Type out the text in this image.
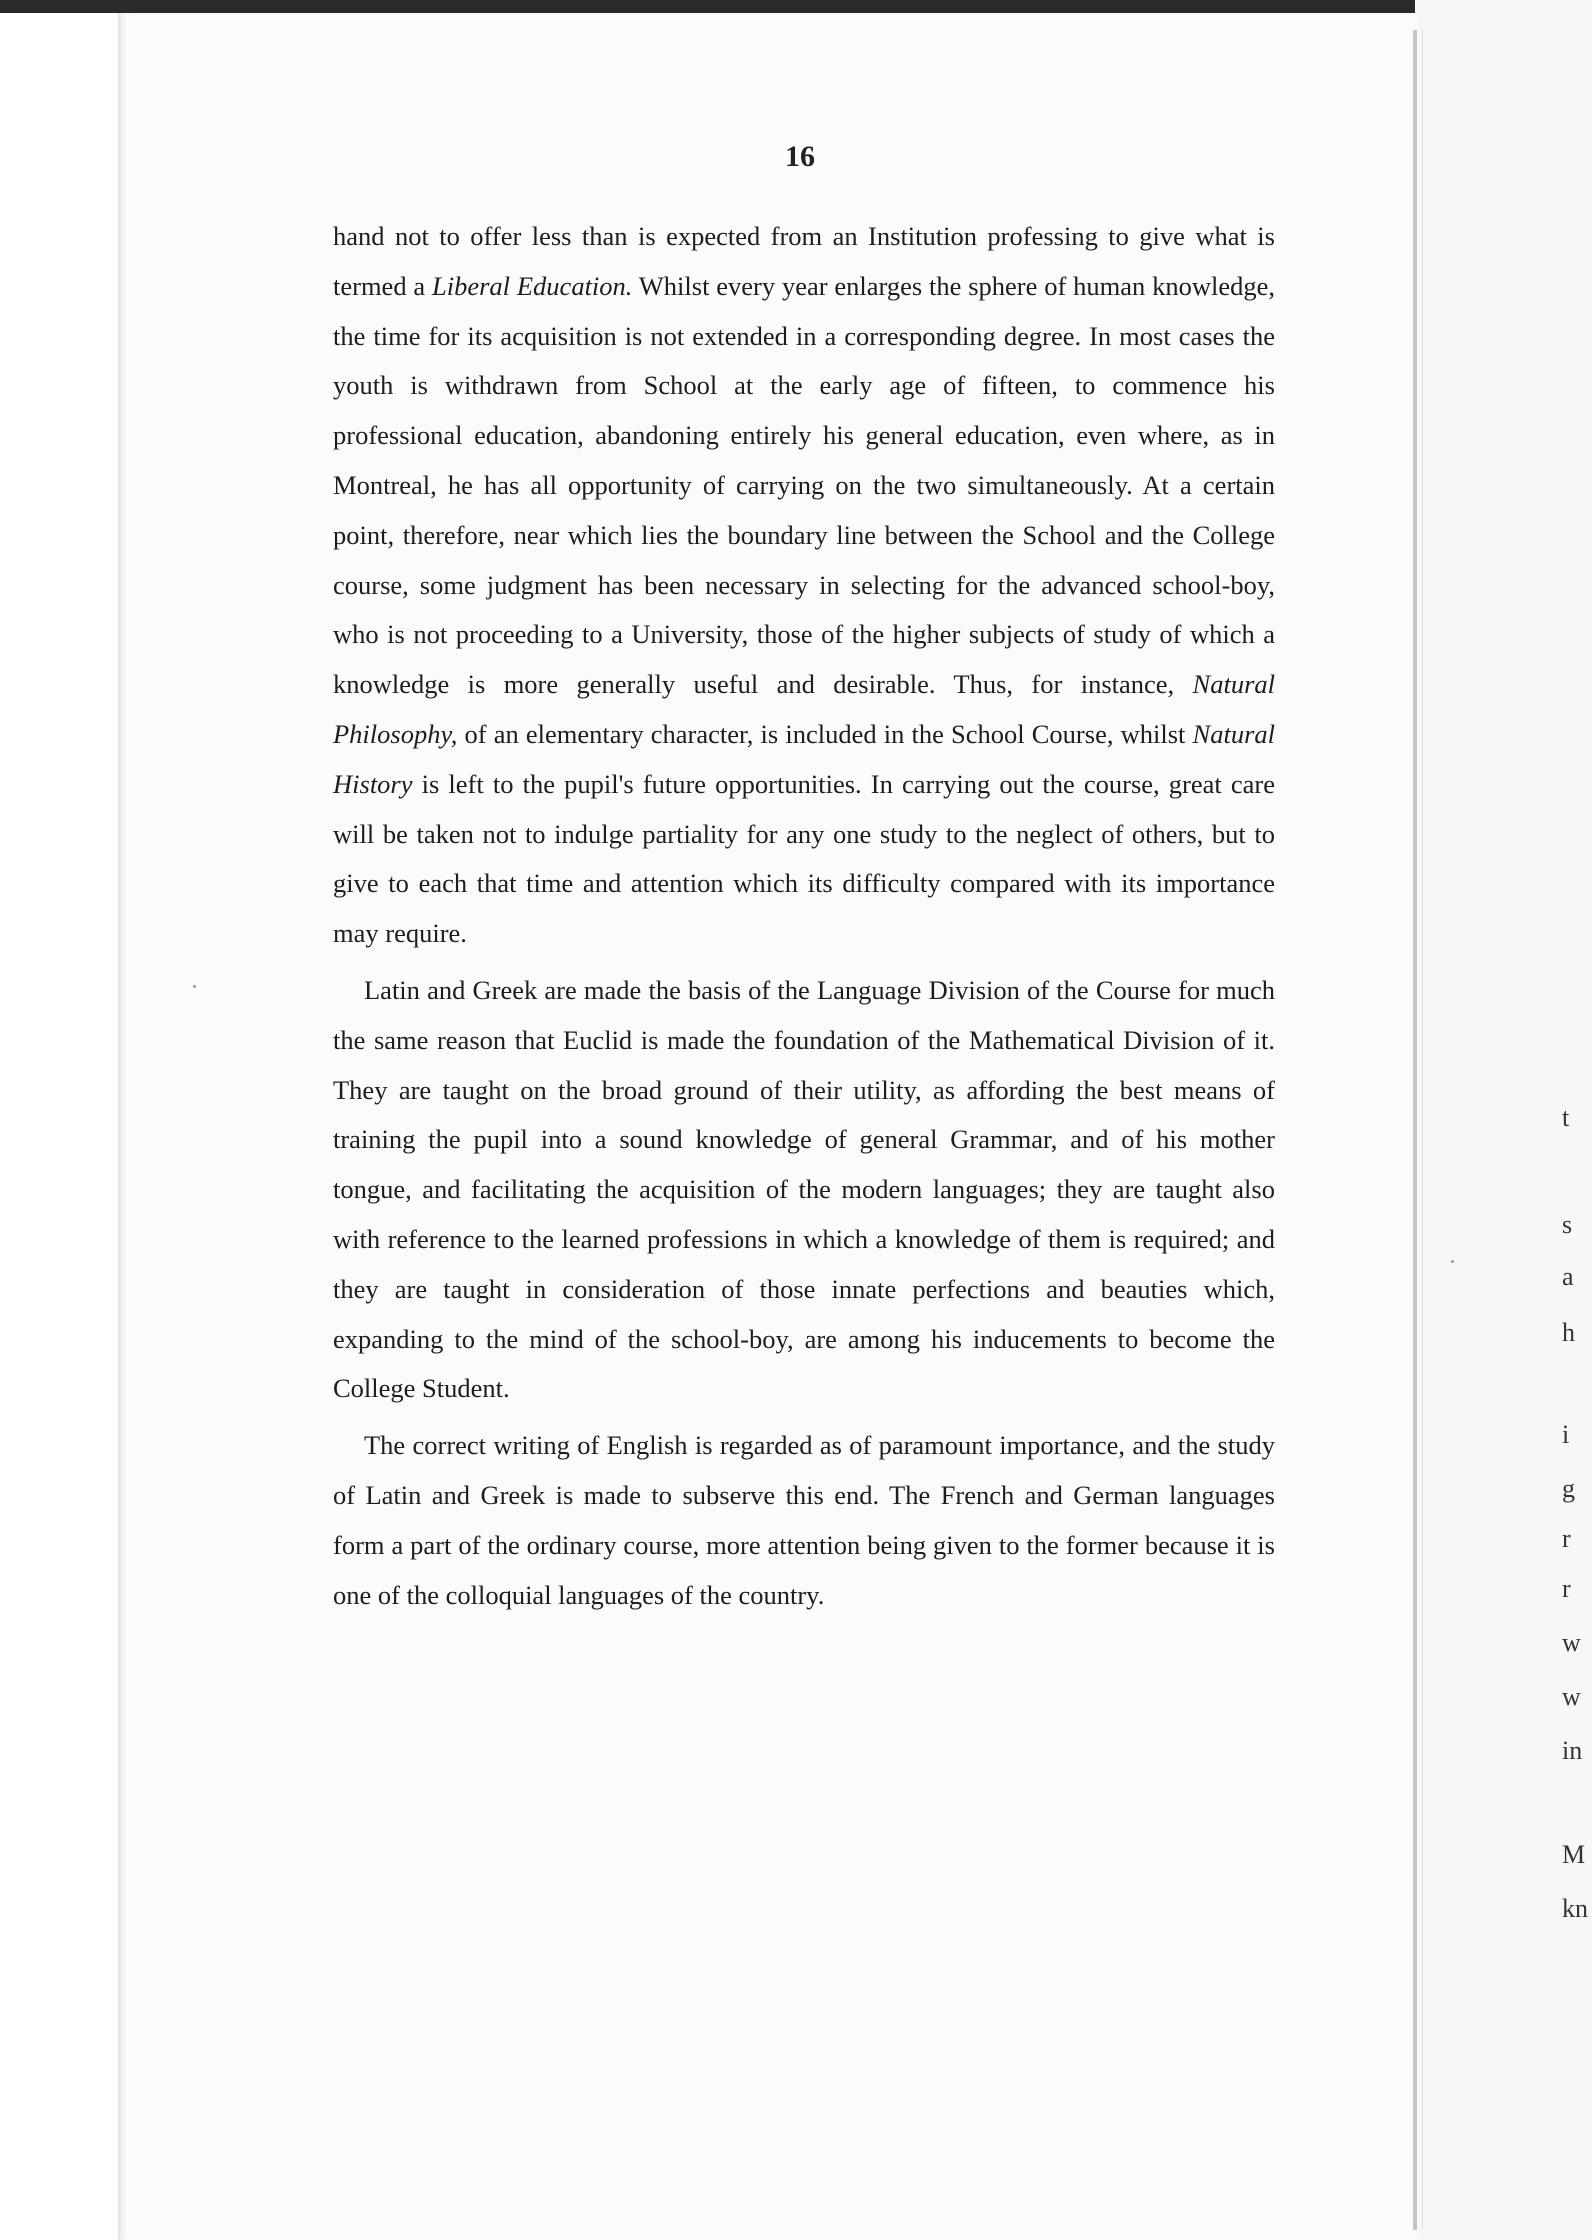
16

hand not to offer less than is expected from an Institution professing to give what is termed a Liberal Education. Whilst every year enlarges the sphere of human knowledge, the time for its acquisition is not extended in a corresponding degree. In most cases the youth is withdrawn from School at the early age of fifteen, to commence his professional education, abandoning entirely his general education, even where, as in Montreal, he has all opportunity of carrying on the two simultaneously. At a certain point, therefore, near which lies the boundary line between the School and the College course, some judgment has been necessary in selecting for the advanced school-boy, who is not proceeding to a University, those of the higher subjects of study of which a knowledge is more generally useful and desirable. Thus, for instance, Natural Philosophy, of an elementary character, is included in the School Course, whilst Natural History is left to the pupil's future opportunities. In carrying out the course, great care will be taken not to indulge partiality for any one study to the neglect of others, but to give to each that time and attention which its difficulty compared with its importance may require.

Latin and Greek are made the basis of the Language Division of the Course for much the same reason that Euclid is made the foundation of the Mathematical Division of it. They are taught on the broad ground of their utility, as affording the best means of training the pupil into a sound knowledge of general Grammar, and of his mother tongue, and facilitating the acquisition of the modern languages; they are taught also with reference to the learned professions in which a knowledge of them is required; and they are taught in consideration of those innate perfections and beauties which, expanding to the mind of the school-boy, are among his inducements to become the College Student.

The correct writing of English is regarded as of paramount importance, and the study of Latin and Greek is made to subserve this end. The French and German languages form a part of the ordinary course, more attention being given to the former because it is one of the colloquial languages of the country.

t
s
a
h
i
g
r
r
w
w
in
M
kn
